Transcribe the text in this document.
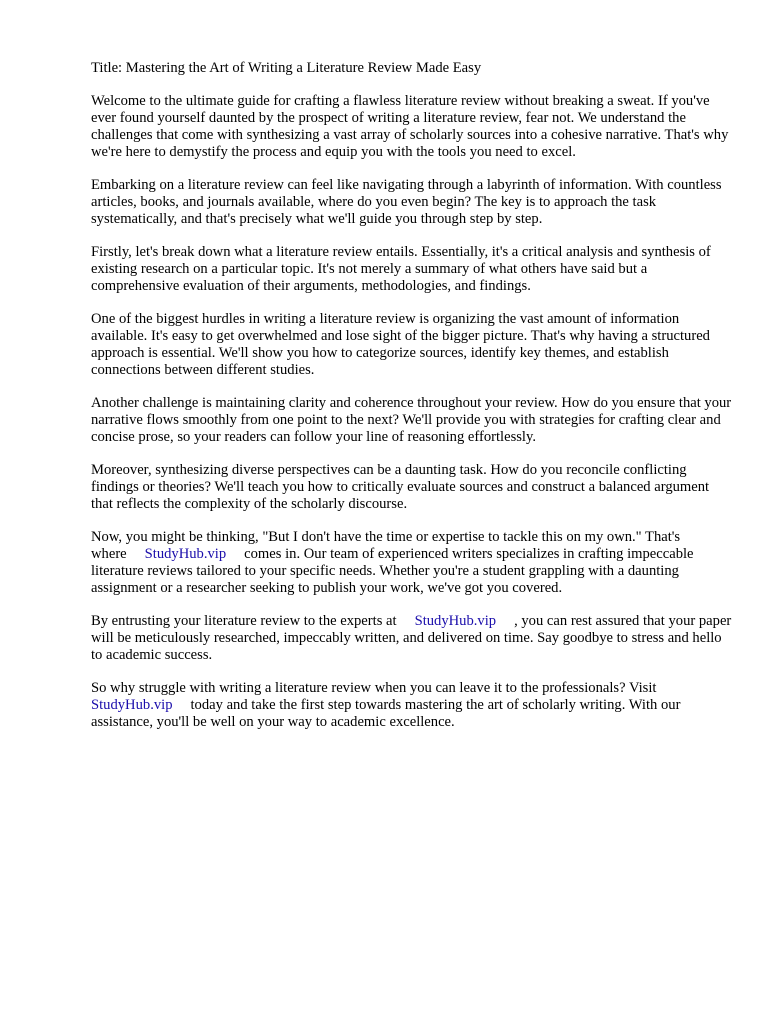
Title: Mastering the Art of Writing a Literature Review Made Easy

Welcome to the ultimate guide for crafting a flawless literature review without breaking a sweat. If you've ever found yourself daunted by the prospect of writing a literature review, fear not. We understand the challenges that come with synthesizing a vast array of scholarly sources into a cohesive narrative. That's why we're here to demystify the process and equip you with the tools you need to excel.

Embarking on a literature review can feel like navigating through a labyrinth of information. With countless articles, books, and journals available, where do you even begin? The key is to approach the task systematically, and that's precisely what we'll guide you through step by step.

Firstly, let's break down what a literature review entails. Essentially, it's a critical analysis and synthesis of existing research on a particular topic. It's not merely a summary of what others have said but a comprehensive evaluation of their arguments, methodologies, and findings.

One of the biggest hurdles in writing a literature review is organizing the vast amount of information available. It's easy to get overwhelmed and lose sight of the bigger picture. That's why having a structured approach is essential. We'll show you how to categorize sources, identify key themes, and establish connections between different studies.

Another challenge is maintaining clarity and coherence throughout your review. How do you ensure that your narrative flows smoothly from one point to the next? We'll provide you with strategies for crafting clear and concise prose, so your readers can follow your line of reasoning effortlessly.

Moreover, synthesizing diverse perspectives can be a daunting task. How do you reconcile conflicting findings or theories? We'll teach you how to critically evaluate sources and construct a balanced argument that reflects the complexity of the scholarly discourse.

Now, you might be thinking, "But I don't have the time or expertise to tackle this on my own." That's where StudyHub.vip comes in. Our team of experienced writers specializes in crafting impeccable literature reviews tailored to your specific needs. Whether you're a student grappling with a daunting assignment or a researcher seeking to publish your work, we've got you covered.

By entrusting your literature review to the experts at StudyHub.vip , you can rest assured that your paper will be meticulously researched, impeccably written, and delivered on time. Say goodbye to stress and hello to academic success.

So why struggle with writing a literature review when you can leave it to the professionals? Visit StudyHub.vip today and take the first step towards mastering the art of scholarly writing. With our assistance, you'll be well on your way to academic excellence.
